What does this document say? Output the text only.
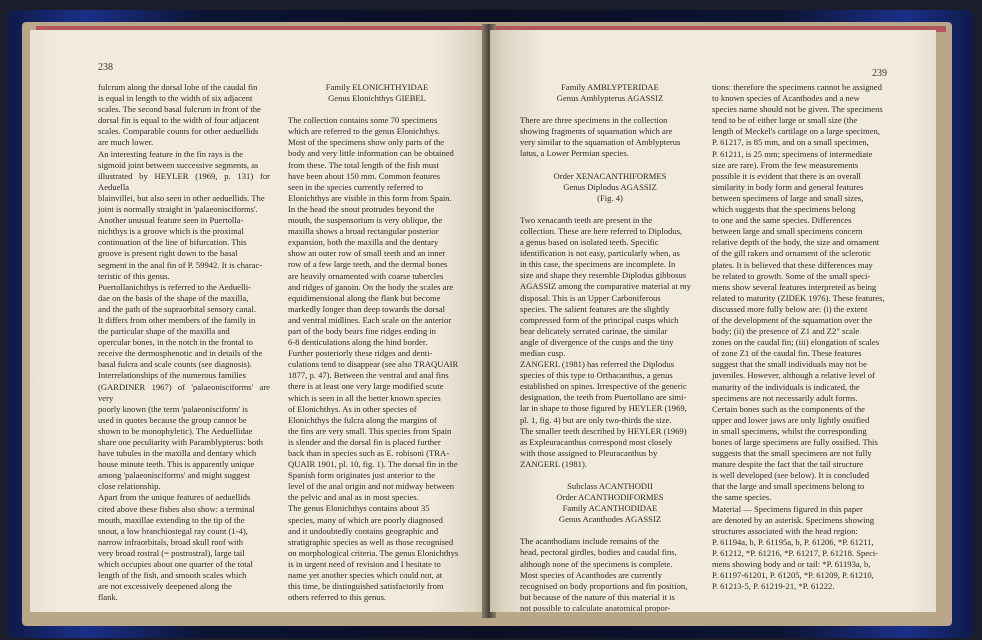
238

fulcrum along the dorsal lobe of the caudal fin

is equal in length to the width of six adjacent

scales. The second basal fulcrum in front of the

dorsal fin is equal to the width of four adjacent

scales. Comparable counts for other aeduellids

are much lower.

An interesting feature in the fin rays is the

sigmoid joint between successive segments, as

illustrated by HEYLER (1969, p. 131) for Aeduella

blainvillei, but also seen in other aeduellids. The

joint is normally straight in 'palaeonisciforms'.

Another unusual feature seen in Puertolla-

nichthys is a groove which is the proximal

continuation of the line of bifurcation. This

groove is present right down to the basal

segment in the anal fin of P. 59942. It is charac-

teristic of this genus.

Puertollanichthys is referred to the Aeduelli-

dae on the basis of the shape of the maxilla,

and the path of the supraorbital sensory canal.

It differs from other members of the family in

the particular shape of the maxilla and

opercular bones, in the notch in the frontal to

receive the dermosphenotic and in details of the

basal fulcra and scale counts (see diagnosis).

Interrelationships of the numerous families

(GARDINER 1967) of 'palaeonisciforms' are very

poorly known (the term 'palaeonisciform' is

used in quotes because the group cannot be

shown to be monophyletic). The Aeduellidae

share one peculiarity with Paramblypterus: both

have tubules in the maxilla and dentary which

house minute teeth. This is apparently unique

among 'palaeonisciforms' and might suggest

close relationship.

Apart from the unique features of aeduellids

cited above these fishes also show: a terminal

mouth, maxillae extending to the tip of the

snout, a low branchiostegal ray count (1-4),

narrow infraorbitals, broad skull roof with

very broad rostral (= postrostral), large tail

which occupies about one quarter of the total

length of the fish, and smooth scales which

are not excessively deepened along the

flank.

Family ELONICHTHYIDAE

Genus Elonichthys GIEBEL

The collection contains some 70 specimens

which are referred to the genus Elonichthys.

Most of the specimens show only parts of the

body and very little information can be obtained

from these. The total length of the fish must

have been about 150 mm. Common features

seen in the species currently referred to

Elonichthys are visible in this form from Spain.

In the head the snout protrudes beyond the

mouth, the suspensorium is very oblique, the

maxilla shows a broad rectangular posterior

expansion, both the maxilla and the dentary

show an outer row of small teeth and an inner

row of a few large teeth, and the dermal bones

are heavily ornamented with coarse tubercles

and ridges of ganoin. On the body the scales are

equidimensional along the flank but become

markedly longer than deep towards the dorsal

and ventral midlines. Each scale on the anterior

part of the body bears fine ridges ending in

6-8 denticulations along the hind border.

Further posteriorly these ridges and denti-

culations tend to disappear (see also TRAQUAIR

1877, p. 47). Between the ventral and anal fins

there is at least one very large modified scute

which is seen in all the better known species

of Elonichthys. As in other species of

Elonichthys the fulcra along the margins of

the fins are very small. This species from Spain

is slender and the dorsal fin is placed further

back than in species such as E. robisoni (TRA-

QUAIR 1901, pl. 10, fig. 1). The dorsal fin in the

Spanish form originates just anterior to the

level of the anal origin and not midway between

the pelvic and anal as in most species.

The genus Elonichthys contains about 35

species, many of which are poorly diagnosed

and it undoubtedly contains geographic and

stratigraphic species as well as those recognised

on morphological criteria. The genus Elonichthys

is in urgent need of revision and I hesitate to

name yet another species which could not, at

this time, be distinguished satisfactorily from

others referred to this genus.

239

Family AMBLYPTERIDAE

Genus Amblypterus AGASSIZ

There are three specimens in the collection

showing fragments of squamation which are

very similar to the squamation of Amblypterus

latus, a Lower Permian species.

Order XENACANTHIFORMES

Genus Diplodus AGASSIZ

(Fig. 4)

Two xenacanth teeth are present in the

collection. These are here referred to Diplodus,

a genus based on isolated teeth. Specific

identification is not easy, particularly when, as

in this case, the specimens are incomplete. In

size and shape they resemble Diplodus gibbosus

AGASSIZ among the comparative material at my

disposal. This is an Upper Carboniferous

species. The salient features are the slightly

compressed form of the principal cusps which

bear delicately serrated carinae, the similar

angle of divergence of the cusps and the tiny

median cusp.

ZANGERL (1981) has referred the Diplodus

species of this type to Orthacanthus, a genus

established on spines. Irrespective of the generic

designation, the teeth from Puertollano are simi-

lar in shape to those figured by HEYLER (1969,

pl. 1, fig. 4) but are only two-thirds the size.

The smaller teeth described by HEYLER (1969)

as Expleuracanthus correspond most closely

with those assigned to Pleuracanthus by

ZANGERL (1981).

Subclass ACANTHODII

Order ACANTHODIFORMES

Family ACANTHODIDAE

Genus Acanthodes AGASSIZ

The acanthodians include remains of the

head, pectoral girdles, bodies and caudal fins,

although none of the specimens is complete.

Most species of Acanthodes are currently

recognised on body proportions and fin position,

but because of the nature of this material it is

not possible to calculate anatomical propor-

tions: therefore the specimens cannot be assigned

to known species of Acanthodes and a new

species name should not be given. The specimens

tend to be of either large or small size (the

length of Meckel's cartilage on a large specimen,

P. 61217, is 85 mm, and on a small specimen,

P. 61211, is 25 mm; specimens of intermediate

size are rare). From the few measurements

possible it is evident that there is an overall

similarity in body form and general features

between specimens of large and small sizes,

which suggests that the specimens belong

to one and the same species. Differences

between large and small specimens concern

relative depth of the body, the size and ornament

of the gill rakers and ornament of the sclerotic

plates. It is believed that these differences may

be related to growth. Some of the small speci-

mens show several features interpreted as being

related to maturity (ZIDEK 1976). These features,

discussed more fully below are: (i) the extent

of the development of the squamation over the

body; (ii) the presence of Z1 and Z2" scale

zones on the caudal fin; (iii) elongation of scales

of zone Z1 of the caudal fin. These features

suggest that the small individuals may not be

juveniles. However, although a relative level of

maturity of the individuals is indicated, the

specimens are not necessarily adult forms.

Certain bones such as the components of the

upper and lower jaws are only lightly ossified

in small specimens, whilst the corresponding

bones of large specimens are fully ossified. This

suggests that the small specimens are not fully

mature despite the fact that the tail structure

is well developed (see below). It is concluded

that the large and small specimens belong to

the same species.

Material — Specimens figured in this paper

are denoted by an asterisk. Specimens showing

structures associated with the head region:

P. 61194a, b, P. 61195a, b, P. 61206, *P. 61211,

P. 61212, *P. 61216, *P. 61217, P. 61218. Speci-

mens showing body and or tail: *P. 61193a, b,

P. 61197-61201, P. 61205, *P. 61209, P. 61210,

P. 61213-5, P. 61219-21, *P. 61222.
